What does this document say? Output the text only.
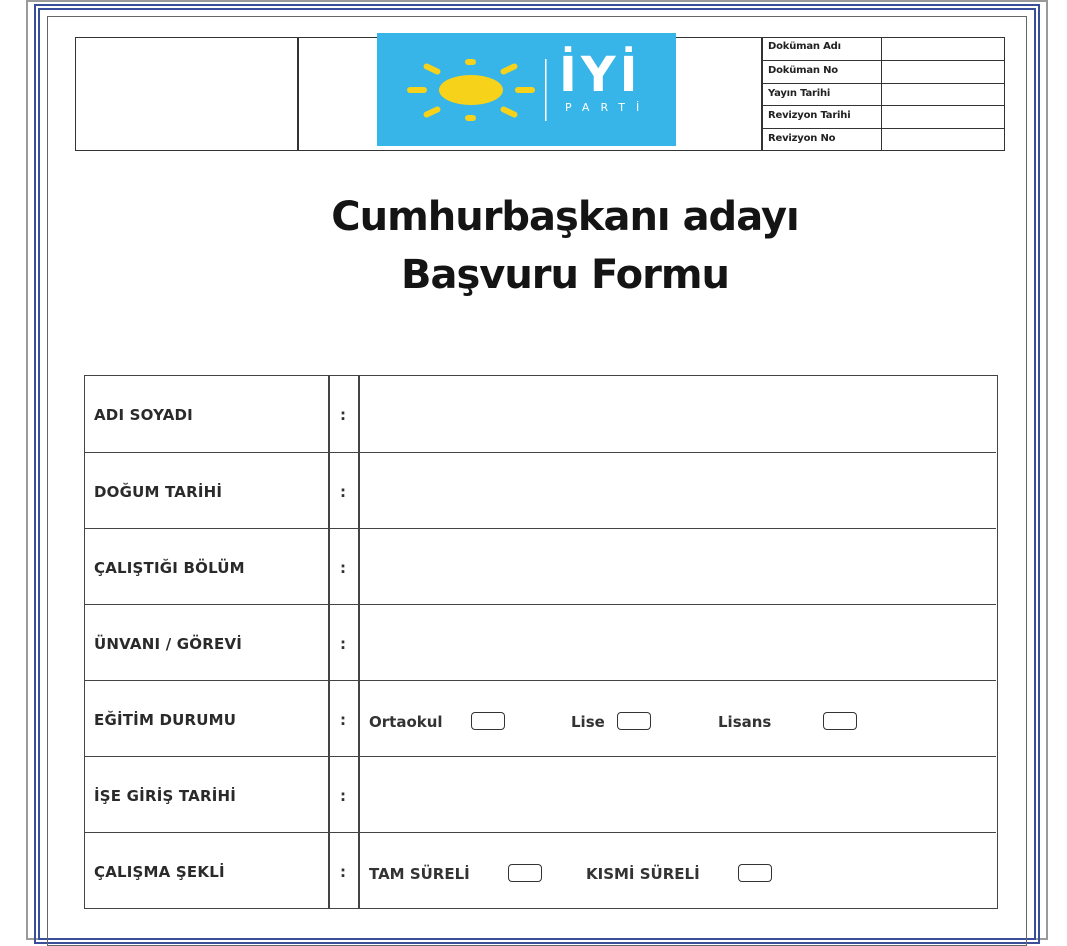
İYİ
PARTİ
Doküman Adı
Doküman No
Yayın Tarihi
Revizyon Tarihi
Revizyon No
Cumhurbaşkanı adayı
Başvuru Formu
ADI SOYADI	:
DOĞUM TARİHİ	:
ÇALIŞTIĞI BÖLÜM	:
ÜNVANI / GÖREVİ	:
EĞİTİM DURUMU	: Ortaokul	Lise	Lisans
İŞE GİRİŞ TARİHİ	:
ÇALIŞMA ŞEKLİ	: TAM SÜRELİ	KISMİ SÜRELİ
